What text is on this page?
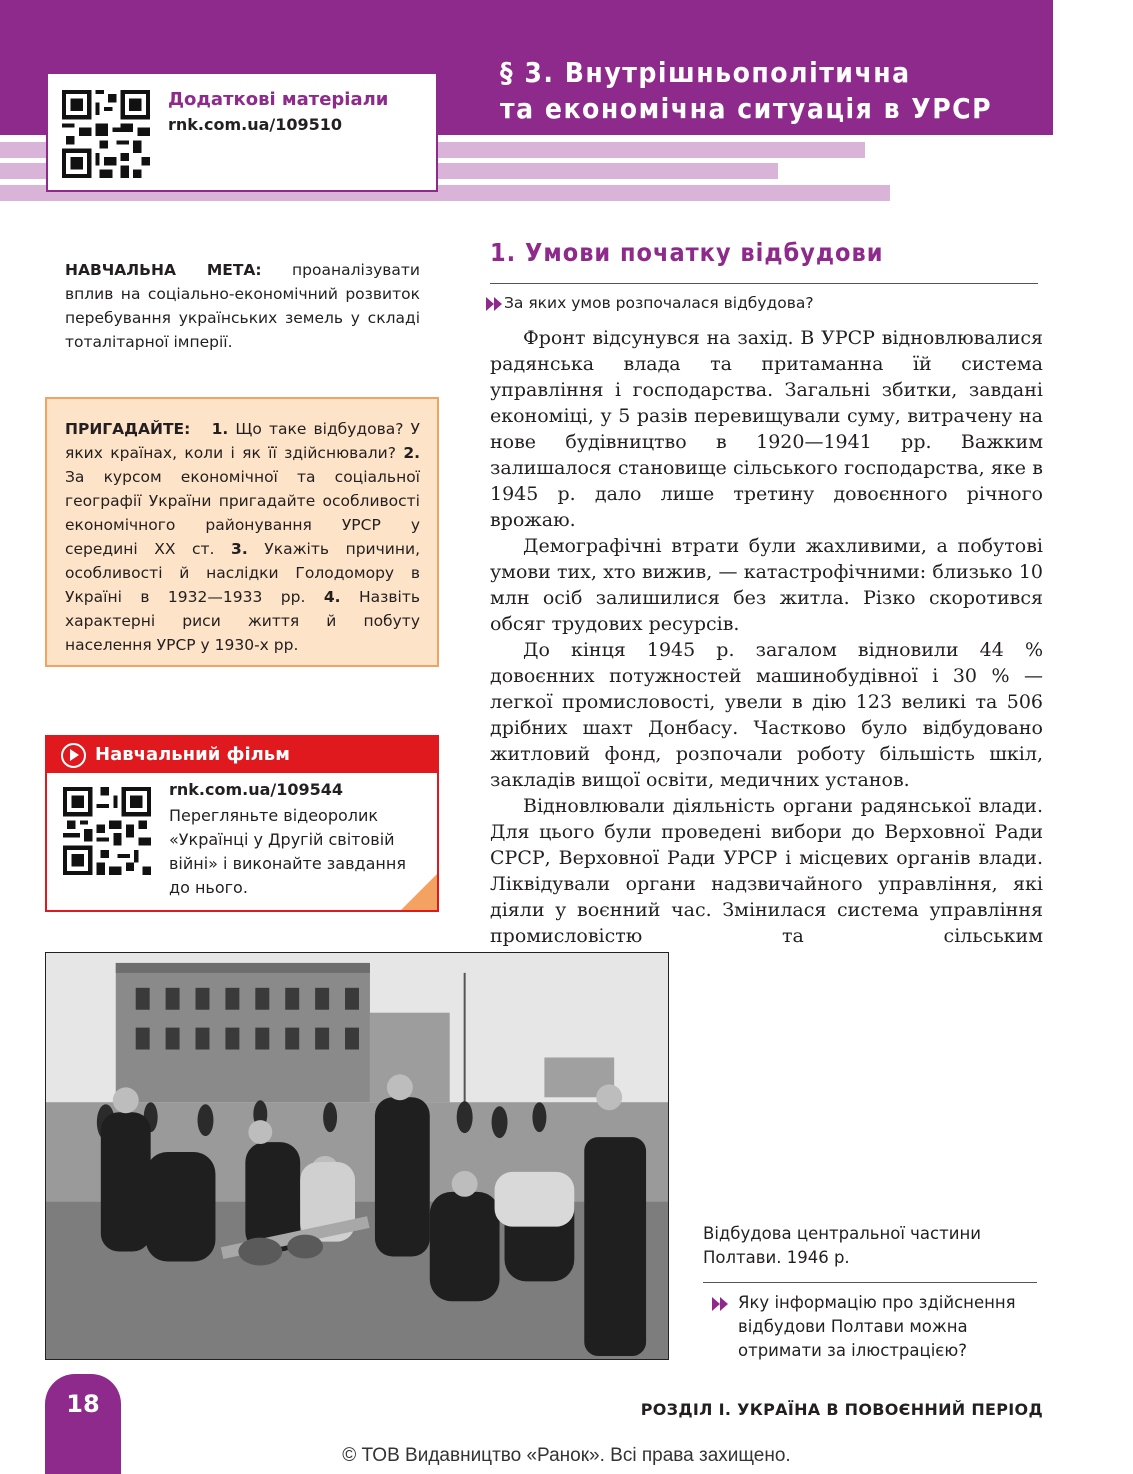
§ 3. Внутрішньополітична
та економічна ситуація в УРСР
Додаткові матеріали
rnk.com.ua/109510
НАВЧАЛЬНА МЕТА: проаналізувати вплив на соціально-економічний розвиток перебування українських земель у складі тоталітарної імперії.
ПРИГАДАЙТЕ: 1. Що таке відбудова? У яких країнах, коли і як її здійснювали? 2. За курсом економічної та соціальної географії України пригадайте особливості економічного районування УРСР у середині XX ст. 3. Укажіть причини, особливості й наслідки Голодомору в Україні в 1932—1933 рр. 4. Назвіть характерні риси життя й побуту населення УРСР у 1930-х рр.
Навчальний фільм
rnk.com.ua/109544
Перегляньте відеоролик «Українці у Другій світовій війні» і виконайте завдання до нього.
1. Умови початку відбудови
За яких умов розпочалася відбудова?

Фронт відсунувся на захід. В УРСР відновлювалися радянська влада та притаманна їй система управління і господарства. Загальні збитки, завдані економіці, у 5 разів перевищували суму, витрачену на нове будівництво в 1920—1941 рр. Важким залишалося становище сільського господарства, яке в 1945 р. дало лише третину довоєнного річного врожаю.

Демографічні втрати були жахливими, а побутові умови тих, хто вижив, — катастрофічними: близько 10 млн осіб залишилися без житла. Різко скоротився обсяг трудових ресурсів.

До кінця 1945 р. загалом відновили 44 % довоєнних потужностей машинобудівної і 30 % — легкої промисловості, увели в дію 123 великі та 506 дрібних шахт Донбасу. Частково було відбудовано житловий фонд, розпочали роботу більшість шкіл, закладів вищої освіти, медичних установ.

Відновлювали діяльність органи радянської влади. Для цього були проведені вибори до Верховної Ради СРСР, Верховної Ради УРСР і місцевих органів влади. Ліквідували органи надзвичайного управління, які діяли у воєнний час. Змінилася система управління промисловістю та сільським

Відбудова центральної частини Полтави. 1946 р.
Яку інформацію про здійснення відбудови Полтави можна отримати за ілюстрацією?
18	РОЗДІЛ І. УКРАЇНА В ПОВОЄННИЙ ПЕРІОД
© ТОВ Видавництво «Ранок». Всі права захищено.
